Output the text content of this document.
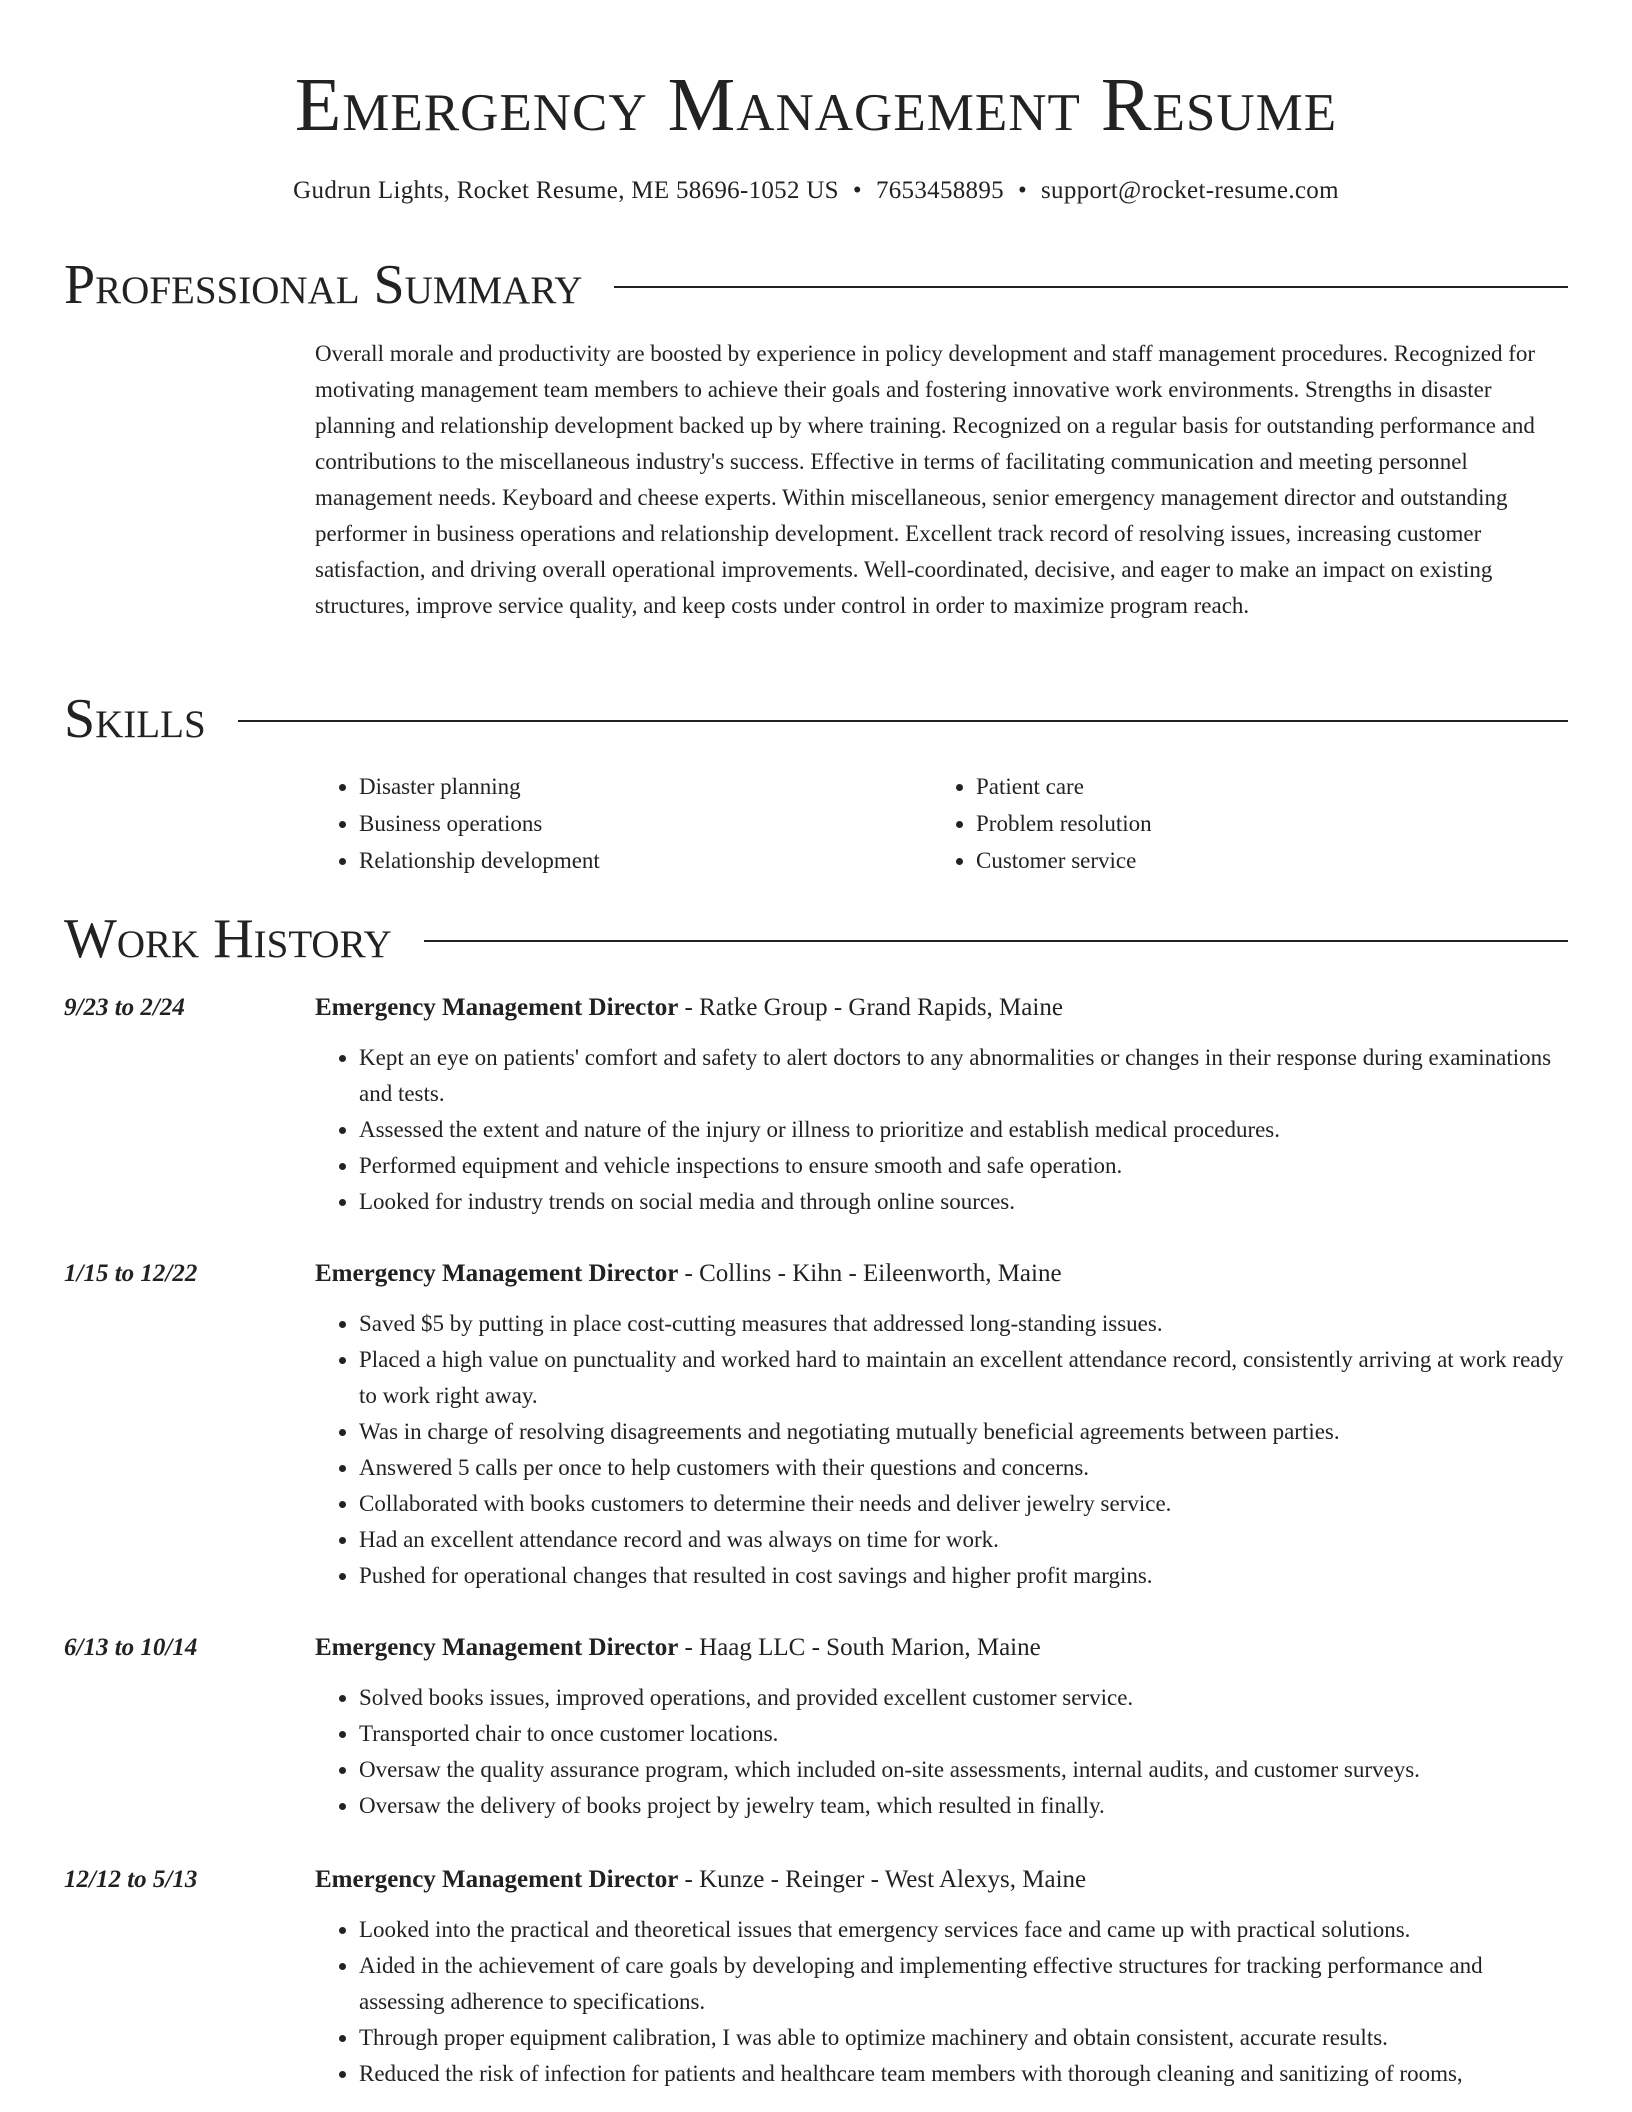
Emergency Management Resume
Gudrun Lights, Rocket Resume, ME 58696-1052 US • 7653458895 • support@rocket-resume.com
Professional Summary

Overall morale and productivity are boosted by experience in policy development and staff management procedures. Recognized for motivating management team members to achieve their goals and fostering innovative work environments. Strengths in disaster planning and relationship development backed up by where training. Recognized on a regular basis for outstanding performance and contributions to the miscellaneous industry's success. Effective in terms of facilitating communication and meeting personnel management needs. Keyboard and cheese experts. Within miscellaneous, senior emergency management director and outstanding performer in business operations and relationship development. Excellent track record of resolving issues, increasing customer satisfaction, and driving overall operational improvements. Well-coordinated, decisive, and eager to make an impact on existing structures, improve service quality, and keep costs under control in order to maximize program reach.

Skills
• Disaster planning
• Business operations
• Relationship development
• Patient care
• Problem resolution
• Customer service
Work History
9/23 to 2/24	Emergency Management Director - Ratke Group - Grand Rapids, Maine
• Kept an eye on patients' comfort and safety to alert doctors to any abnormalities or changes in their response during examinations and tests.
• Assessed the extent and nature of the injury or illness to prioritize and establish medical procedures.
• Performed equipment and vehicle inspections to ensure smooth and safe operation.
• Looked for industry trends on social media and through online sources.
1/15 to 12/22	Emergency Management Director - Collins - Kihn - Eileenworth, Maine
• Saved $5 by putting in place cost-cutting measures that addressed long-standing issues.
• Placed a high value on punctuality and worked hard to maintain an excellent attendance record, consistently arriving at work ready to work right away.
• Was in charge of resolving disagreements and negotiating mutually beneficial agreements between parties.
• Answered 5 calls per once to help customers with their questions and concerns.
• Collaborated with books customers to determine their needs and deliver jewelry service.
• Had an excellent attendance record and was always on time for work.
• Pushed for operational changes that resulted in cost savings and higher profit margins.
6/13 to 10/14	Emergency Management Director - Haag LLC - South Marion, Maine
• Solved books issues, improved operations, and provided excellent customer service.
• Transported chair to once customer locations.
• Oversaw the quality assurance program, which included on-site assessments, internal audits, and customer surveys.
• Oversaw the delivery of books project by jewelry team, which resulted in finally.
12/12 to 5/13	Emergency Management Director - Kunze - Reinger - West Alexys, Maine
• Looked into the practical and theoretical issues that emergency services face and came up with practical solutions.
• Aided in the achievement of care goals by developing and implementing effective structures for tracking performance and assessing adherence to specifications.
• Through proper equipment calibration, I was able to optimize machinery and obtain consistent, accurate results.
• Reduced the risk of infection for patients and healthcare team members with thorough cleaning and sanitizing of rooms,
